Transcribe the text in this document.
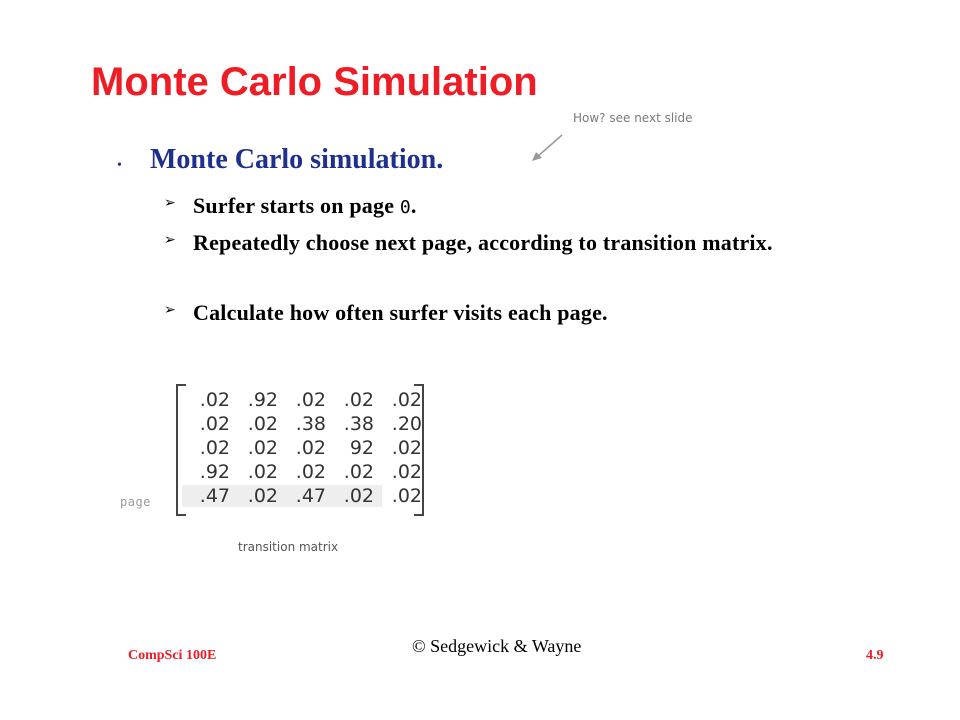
Monte Carlo Simulation
How? see next slide
• Monte Carlo simulation.
➢ Surfer starts on page 0.
➢ Repeatedly choose next page, according to transition matrix.
➢ Calculate how often surfer visits each page.
.02	.92	.02	.02	.02
.02	.02	.38	.38	.20
.02	.02	.02	92	.02
.92	.02	.02	.02	.02
.47	.02	.47	.02	.02
page
transition matrix
CompSci 100E	© Sedgewick & Wayne	4.9
